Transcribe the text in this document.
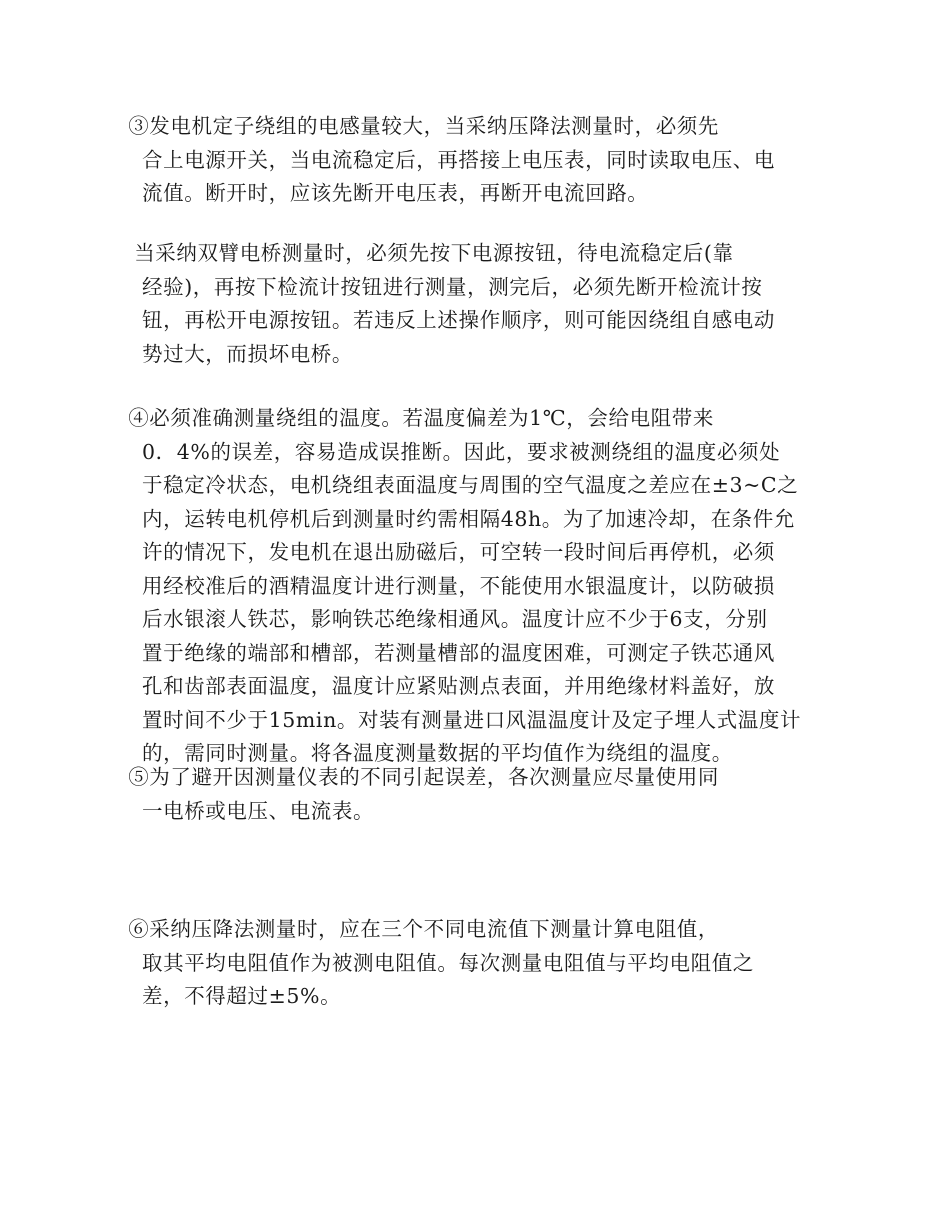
　　③发电机定子绕组的电感量较大，当采纳压降法测量时，必须先
合上电源开关，当电流稳定后，再搭接上电压表，同时读取电压、电
流值。断开时，应该先断开电压表，再断开电流回路。
　　当采纳双臂电桥测量时，必须先按下电源按钮，待电流稳定后(靠
经验)，再按下检流计按钮进行测量，测完后，必须先断开检流计按
钮，再松开电源按钮。若违反上述操作顺序，则可能因绕组自感电动
势过大，而损坏电桥。
　　④必须准确测量绕组的温度。若温度偏差为1℃，会给电阻带来
0．4%的误差，容易造成误推断。因此，要求被测绕组的温度必须处
于稳定冷状态，电机绕组表面温度与周围的空气温度之差应在±3~C之
内，运转电机停机后到测量时约需相隔48h。为了加速冷却，在条件允
许的情况下，发电机在退出励磁后，可空转一段时间后再停机，必须
用经校准后的酒精温度计进行测量，不能使用水银温度计，以防破损
后水银滚人铁芯，影响铁芯绝缘相通风。温度计应不少于6支，分别
置于绝缘的端部和槽部，若测量槽部的温度困难，可测定子铁芯通风
孔和齿部表面温度，温度计应紧贴测点表面，并用绝缘材料盖好，放
置时间不少于15min。对装有测量进口风温温度计及定子埋人式温度计
的，需同时测量。将各温度测量数据的平均值作为绕组的温度。
　　⑤为了避开因测量仪表的不同引起误差，各次测量应尽量使用同
一电桥或电压、电流表。
　　⑥采纳压降法测量时，应在三个不同电流值下测量计算电阻值，
取其平均电阻值作为被测电阻值。每次测量电阻值与平均电阻值之
差，不得超过±5%。
